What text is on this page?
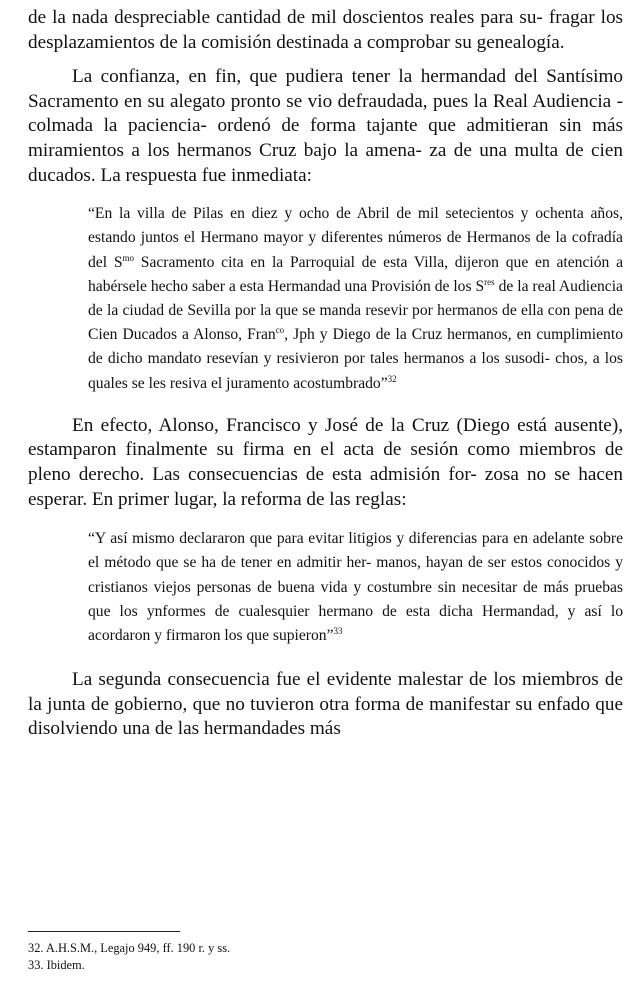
de la nada despreciable cantidad de mil doscientos reales para su- fragar los desplazamientos de la comisión destinada a comprobar su genealogía.

La confianza, en fin, que pudiera tener la hermandad del Santísimo Sacramento en su alegato pronto se vio defraudada, pues la Real Audiencia -colmada la paciencia- ordenó de forma tajante que admitieran sin más miramientos a los hermanos Cruz bajo la amena- za de una multa de cien ducados. La respuesta fue inmediata:

“En la villa de Pilas en diez y ocho de Abril de mil setecientos y ochenta años, estando juntos el Hermano mayor y diferentes números de Hermanos de la cofradía del $S^{mo}$ Sacramento cita en la Parroquial de esta Villa, dijeron que en atención a habérsele hecho saber a esta Hermandad una Provisión de los $S^{res}$ de la real Audiencia de la ciudad de Sevilla por la que se manda resevir por hermanos de ella con pena de Cien Ducados a Alonso, Fran$^{co}$, Jph y Diego de la Cruz hermanos, en cumplimiento de dicho mandato resevían y resivieron por tales hermanos a los susodi- chos, a los quales se les resiva el juramento acostumbrado”$^{32}$

En efecto, Alonso, Francisco y José de la Cruz (Diego está ausente), estamparon finalmente su firma en el acta de sesión como miembros de pleno derecho. Las consecuencias de esta admisión for- zosa no se hacen esperar. En primer lugar, la reforma de las reglas:

“Y así mismo declararon que para evitar litigios y diferencias para en adelante sobre el método que se ha de tener en admitir her- manos, hayan de ser estos conocidos y cristianos viejos personas de buena vida y costumbre sin necesitar de más pruebas que los ynformes de cualesquier hermano de esta dicha Hermandad, y así lo acordaron y firmaron los que supieron”$^{33}$

La segunda consecuencia fue el evidente malestar de los miembros de la junta de gobierno, que no tuvieron otra forma de manifestar su enfado que disolviendo una de las hermandades más

32. A.H.S.M., Legajo 949, ff. 190 r. y ss.

33. Ibidem.
